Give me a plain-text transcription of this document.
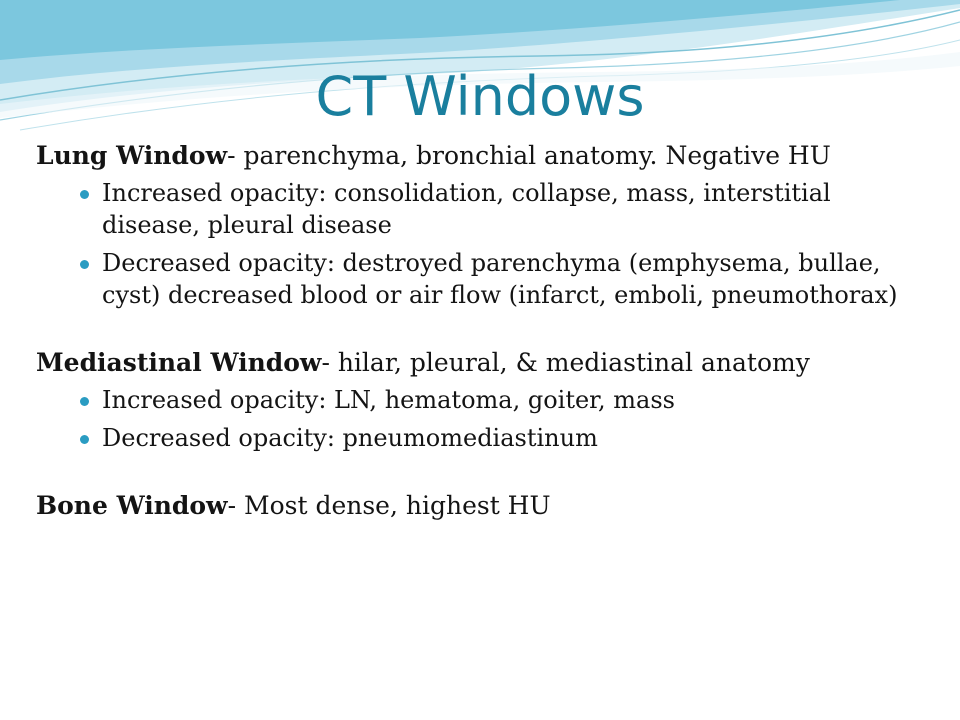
CT Windows

Lung Window- parenchyma, bronchial anatomy. Negative HU

Increased opacity: consolidation, collapse, mass, interstitial disease, pleural disease
Decreased opacity: destroyed parenchyma (emphysema, bullae, cyst) decreased blood or air flow (infarct, emboli, pneumothorax)

Mediastinal Window- hilar, pleural, & mediastinal anatomy

Increased opacity: LN, hematoma, goiter, mass
Decreased opacity: pneumomediastinum

Bone Window- Most dense, highest HU
